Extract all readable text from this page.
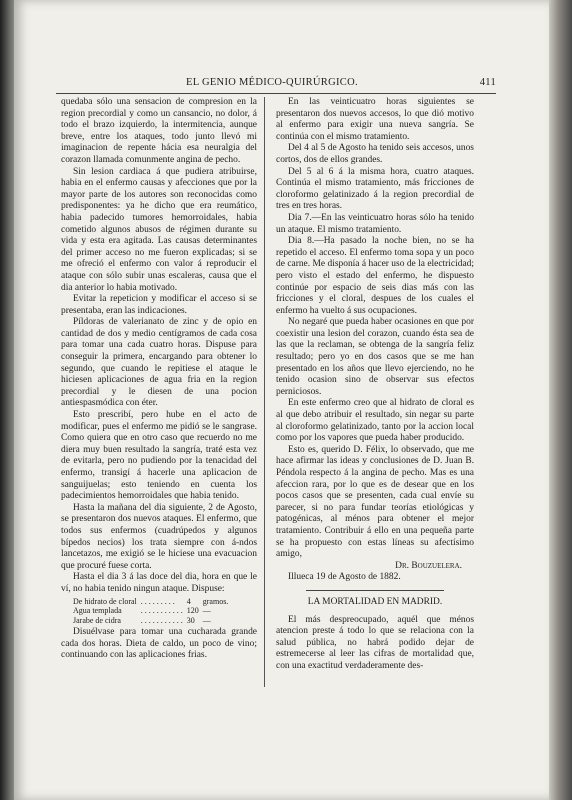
EL GENIO MÉDICO-QUIRÚRGICO.	411

quedaba sólo una sensacion de compresion en la region precordial y como un cansancio, no dolor, á todo el brazo izquierdo, la intermitencia, aunque breve, entre los ataques, todo junto llevó mi imaginacion de repente hácia esa neuralgia del corazon llamada comunmente angina de pecho.

Sin lesion cardiaca á que pudiera atribuirse, habia en el enfermo causas y afecciones que por la mayor parte de los autores son reconocidas como predisponentes: ya he dicho que era reumático, habia padecido tumores hemorroidales, habia cometido algunos abusos de régimen durante su vida y esta era agitada. Las causas determinantes del primer acceso no me fueron explicadas; si se me ofreció el enfermo con valor á reproducir el ataque con sólo subir unas escaleras, causa que el dia anterior lo habia motivado.

Evitar la repeticion y modificar el acceso si se presentaba, eran las indicaciones.

Píldoras de valerianato de zinc y de opio en cantidad de dos y medio centígramos de cada cosa para tomar una cada cuatro horas. Dispuse para conseguir la primera, encargando para obtener lo segundo, que cuando le repitiese el ataque le hiciesen aplicaciones de agua fria en la region precordial y le diesen de una pocion antiespasmódica con éter.

Esto prescribí, pero hube en el acto de modificar, pues el enfermo me pidió se le sangrase. Como quiera que en otro caso que recuerdo no me diera muy buen resultado la sangría, traté esta vez de evitarla, pero no pudiendo por la tenacidad del enfermo, transigí á hacerle una aplicacion de sanguijuelas; esto teniendo en cuenta los padecimientos hemorroidales que habia tenido.

Hasta la mañana del dia siguiente, 2 de Agosto, se presentaron dos nuevos ataques. El enfermo, que todos sus enfermos (cuadrúpedos y algunos bípedos necios) los trata siempre con á-ndos lancetazos, me exigió se le hiciese una evacuacion que procuré fuese corta.

Hasta el dia 3 á las doce del dia, hora en que le ví, no habia tenido ningun ataque. Dispuse:

De hidrato de cloral	. . . . . . . . .	4	gramos.
Agua templada	. . . . . . . . . . .	120	—
Jarabe de cidra	. . . . . . . . . . .	30	—

Disuélvase para tomar una cucharada grande cada dos horas. Dieta de caldo, un poco de vino; continuando con las aplicaciones frias.

En las veinticuatro horas siguientes se presentaron dos nuevos accesos, lo que dió motivo al enfermo para exigir una nueva sangría. Se continúa con el mismo tratamiento.

Del 4 al 5 de Agosto ha tenido seis accesos, unos cortos, dos de ellos grandes.

Del 5 al 6 á la misma hora, cuatro ataques. Continúa el mismo tratamiento, más fricciones de cloroformo gelatinizado á la region precordial de tres en tres horas.

Dia 7.—En las veinticuatro horas sólo ha tenido un ataque. El mismo tratamiento.

Dia 8.—Ha pasado la noche bien, no se ha repetido el acceso. El enfermo toma sopa y un poco de carne. Me disponía á hacer uso de la electricidad; pero visto el estado del enfermo, he dispuesto continúe por espacio de seis dias más con las fricciones y el cloral, despues de los cuales el enfermo ha vuelto á sus ocupaciones.

No negaré que pueda haber ocasiones en que por coexistir una lesion del corazon, cuando ésta sea de las que la reclaman, se obtenga de la sangría feliz resultado; pero yo en dos casos que se me han presentado en los años que llevo ejerciendo, no he tenido ocasion sino de observar sus efectos perniciosos.

En este enfermo creo que al hidrato de cloral es al que debo atribuir el resultado, sin negar su parte al cloroformo gelatinizado, tanto por la accion local como por los vapores que pueda haber producido.

Esto es, querido D. Félix, lo observado, que me hace afirmar las ideas y conclusiones de D. Juan B. Péndola respecto á la angina de pecho. Mas es una afeccion rara, por lo que es de desear que en los pocos casos que se presenten, cada cual envíe su parecer, si no para fundar teorías etiológicas y patogénicas, al ménos para obtener el mejor tratamiento. Contribuir á ello en una pequeña parte se ha propuesto con estas líneas su afectísimo amigo,

Dr. Bouzuelera.

Illueca 19 de Agosto de 1882.

LA MORTALIDAD EN MADRID.

El más despreocupado, aquél que ménos atencion preste á todo lo que se relaciona con la salud pública, no habrá podido dejar de estremecerse al leer las cifras de mortalidad que, con una exactitud verdaderamente des-
